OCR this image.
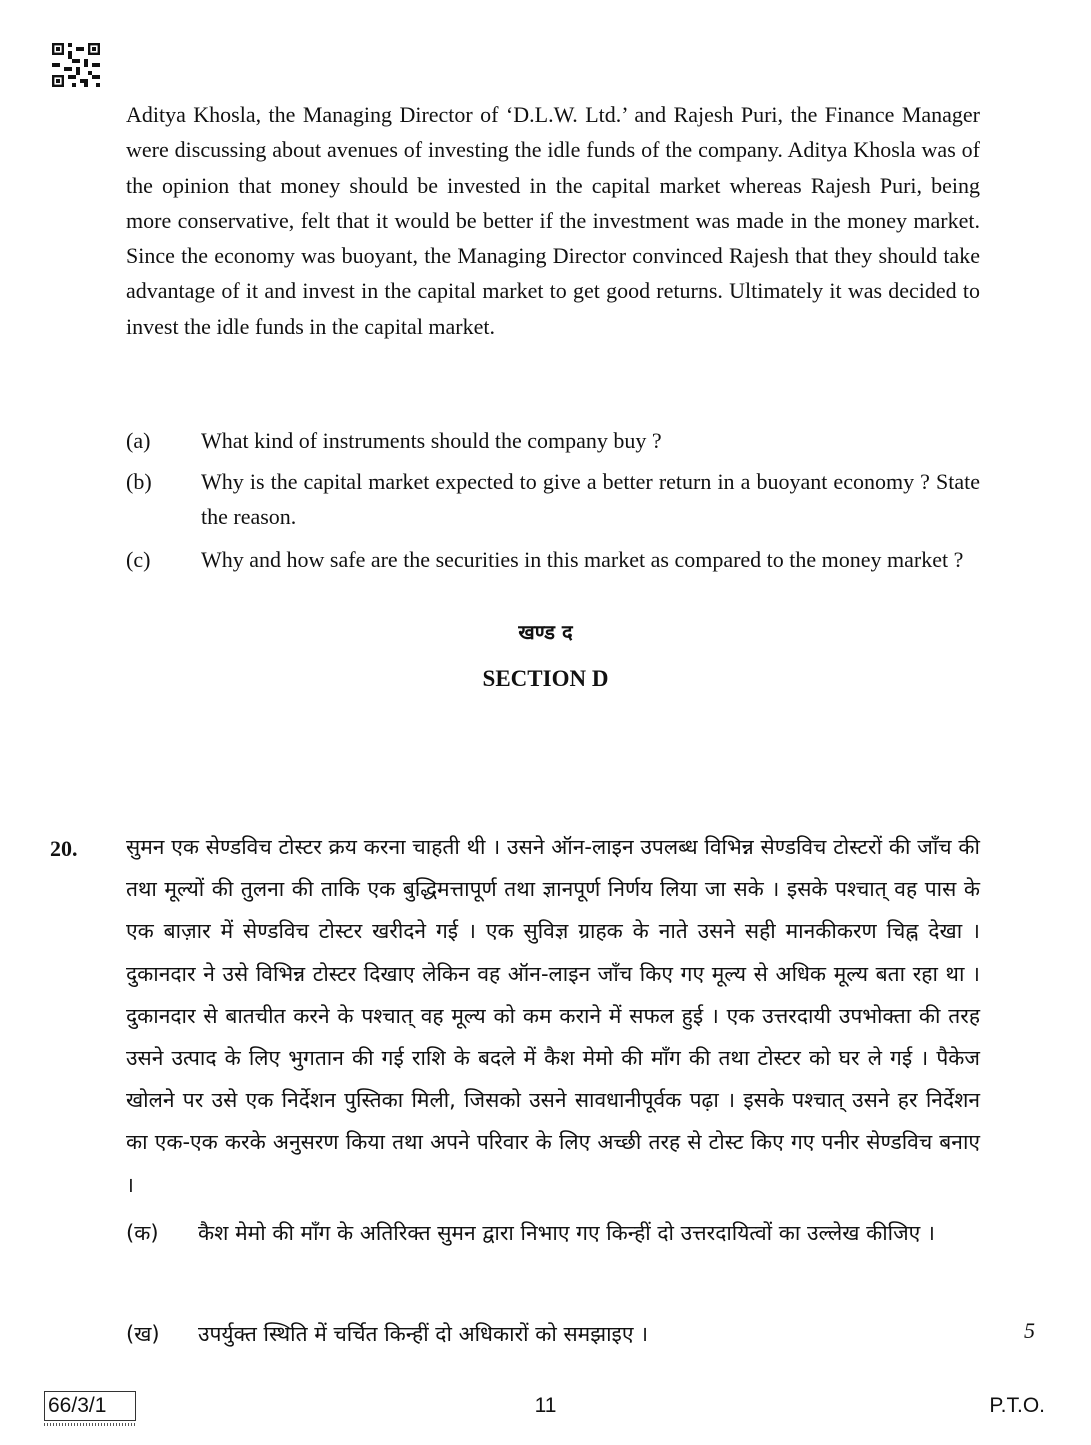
Aditya Khosla, the Managing Director of ‘D.L.W. Ltd.’ and Rajesh Puri, the Finance Manager were discussing about avenues of investing the idle funds of the company. Aditya Khosla was of the opinion that money should be invested in the capital market whereas Rajesh Puri, being more conservative, felt that it would be better if the investment was made in the money market. Since the economy was buoyant, the Managing Director convinced Rajesh that they should take advantage of it and invest in the capital market to get good returns. Ultimately it was decided to invest the idle funds in the capital market.

(a) What kind of instruments should the company buy ?
(b) Why is the capital market expected to give a better return in a buoyant economy ? State the reason.
(c) Why and how safe are the securities in this market as compared to the money market ?
खण्ड द
SECTION D
20. सुमन एक सेण्डविच टोस्टर क्रय करना चाहती थी । उसने ऑन-लाइन उपलब्ध विभिन्न सेण्डविच टोस्टरों की जाँच की तथा मूल्यों की तुलना की ताकि एक बुद्धिमत्तापूर्ण तथा ज्ञानपूर्ण निर्णय लिया जा सके । इसके पश्चात् वह पास के एक बाज़ार में सेण्डविच टोस्टर खरीदने गई । एक सुविज्ञ ग्राहक के नाते उसने सही मानकीकरण चिह्न देखा । दुकानदार ने उसे विभिन्न टोस्टर दिखाए लेकिन वह ऑन-लाइन जाँच किए गए मूल्य से अधिक मूल्य बता रहा था । दुकानदार से बातचीत करने के पश्चात् वह मूल्य को कम कराने में सफल हुई । एक उत्तरदायी उपभोक्ता की तरह उसने उत्पाद के लिए भुगतान की गई राशि के बदले में कैश मेमो की माँग की तथा टोस्टर को घर ले गई । पैकेज खोलने पर उसे एक निर्देशन पुस्तिका मिली, जिसको उसने सावधानीपूर्वक पढ़ा । इसके पश्चात् उसने हर निर्देशन का एक-एक करके अनुसरण किया तथा अपने परिवार के लिए अच्छी तरह से टोस्ट किए गए पनीर सेण्डविच बनाए ।

(क) कैश मेमो की माँग के अतिरिक्त सुमन द्वारा निभाए गए किन्हीं दो उत्तरदायित्वों का उल्लेख कीजिए ।
(ख) उपर्युक्त स्थिति में चर्चित किन्हीं दो अधिकारों को समझाइए ।	5
66/3/1	11	P.T.O.
